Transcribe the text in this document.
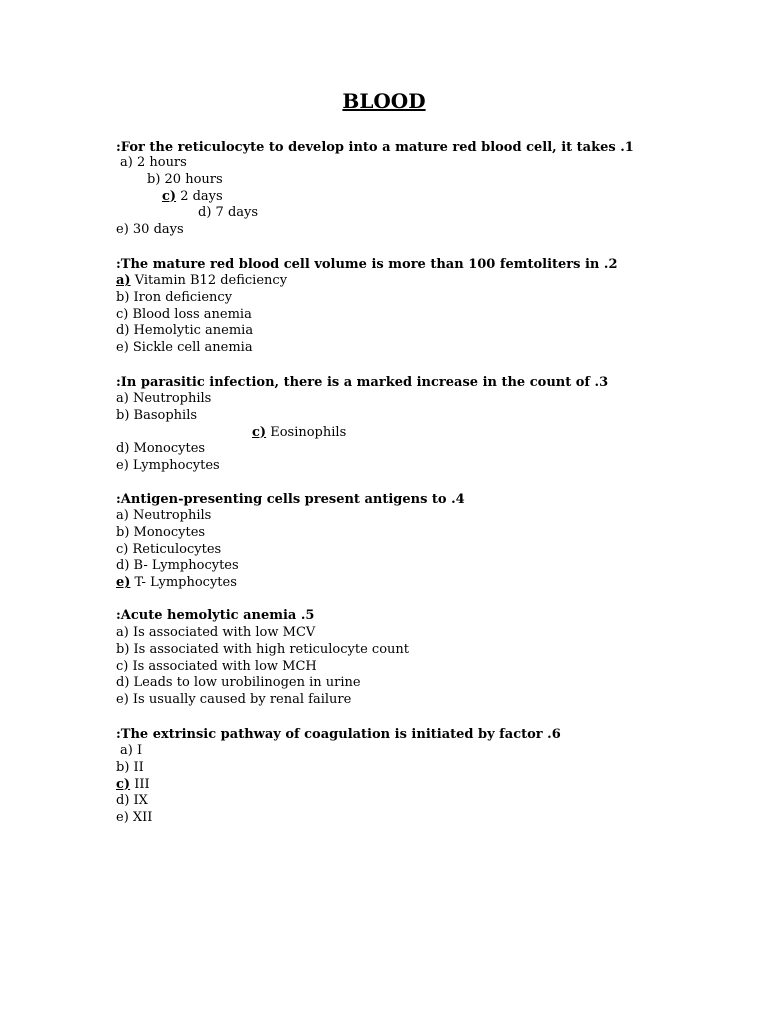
BLOOD
:For the reticulocyte to develop into a mature red blood cell, it takes .1
a) 2 hours
b) 20 hours
c) 2 days
d) 7 days
e) 30 days
:The mature red blood cell volume is more than 100 femtoliters in .2
a) Vitamin B12 deficiency
b) Iron deficiency
c) Blood loss anemia
d) Hemolytic anemia
e) Sickle cell anemia
:In parasitic infection, there is a marked increase in the count of .3
a) Neutrophils
b) Basophils
c) Eosinophils
d) Monocytes
e) Lymphocytes
:Antigen-presenting cells present antigens to .4
a) Neutrophils
b) Monocytes
c) Reticulocytes
d) B- Lymphocytes
e) T- Lymphocytes
:Acute hemolytic anemia .5
a) Is associated with low MCV
b) Is associated with high reticulocyte count
c) Is associated with low MCH
d) Leads to low urobilinogen in urine
e) Is usually caused by renal failure
:The extrinsic pathway of coagulation is initiated by factor .6
a) I
b) II
c) III
d) IX
e) XII
